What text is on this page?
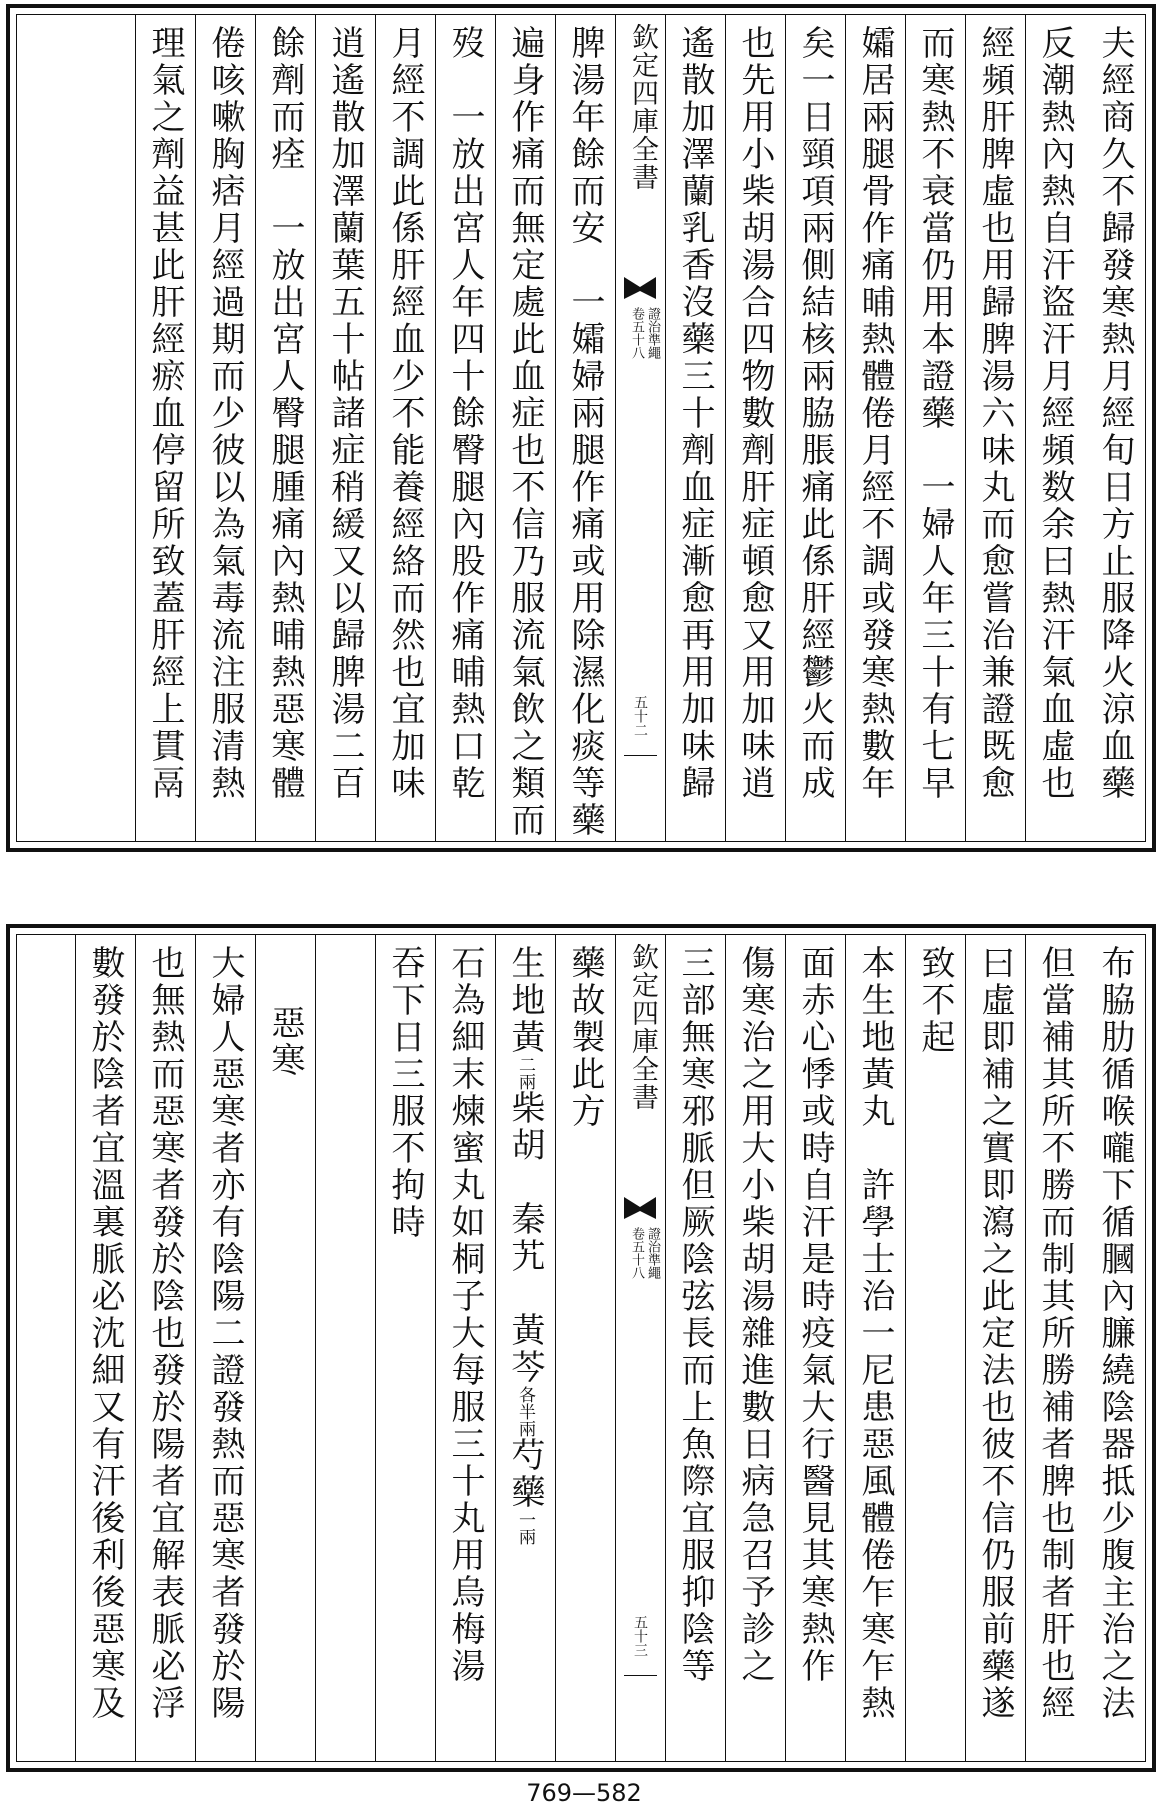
夫經商久不歸發寒熱月經旬日方止服降火涼血藥
反潮熱內熱自汗盜汗月經頻数余曰熱汗氣血虛也
經頻肝脾虛也用歸脾湯六味丸而愈嘗治兼證既愈
而寒熱不衰當仍用本證藥　一婦人年三十有七早
孀居兩腿骨作痛晡熱體倦月經不調或發寒熱數年
矣一日頸項兩側結核兩脇脹痛此係肝經鬱火而成
也先用小柴胡湯合四物數劑肝症頓愈又用加味逍
遙散加澤蘭乳香沒藥三十劑血症漸愈再用加味歸
欽定四庫全書
證治準繩
卷五十八
五十二
脾湯年餘而安　一孀婦兩腿作痛或用除濕化痰等藥
遍身作痛而無定處此血症也不信乃服流氣飲之類而
歿　一放出宮人年四十餘臀腿內股作痛晡熱口乾
月經不調此係肝經血少不能養經絡而然也宜加味
逍遙散加澤蘭葉五十帖諸症稍緩又以歸脾湯二百
餘劑而痊　一放出宮人臀腿腫痛內熱晡熱惡寒體
倦咳嗽胸痞月經過期而少彼以為氣毒流注服清熱
理氣之劑益甚此肝經瘀血停留所致蓋肝經上貫鬲
布脇肋循喉嚨下循膕內臁繞陰器抵少腹主治之法
但當補其所不勝而制其所勝補者脾也制者肝也經
曰虛即補之實即瀉之此定法也彼不信仍服前藥遂
致不起
本生地黃丸　許學士治一尼患惡風體倦乍寒乍熱
面赤心悸或時自汗是時疫氣大行醫見其寒熱作
傷寒治之用大小柴胡湯雜進數日病急召予診之
三部無寒邪脈但厥陰弦長而上魚際宜服抑陰等
欽定四庫全書
證治準繩
卷五十八
五十三
藥故製此方
生地黃二兩柴胡　秦艽　黃芩各半兩芍藥一兩
石為細末煉蜜丸如桐子大每服三十丸用烏梅湯
吞下日三服不拘時
惡寒
大婦人惡寒者亦有陰陽二證發熱而惡寒者發於陽
也無熱而惡寒者發於陰也發於陽者宜解表脈必浮
數發於陰者宜溫裏脈必沈細又有汗後利後惡寒及
769—582
